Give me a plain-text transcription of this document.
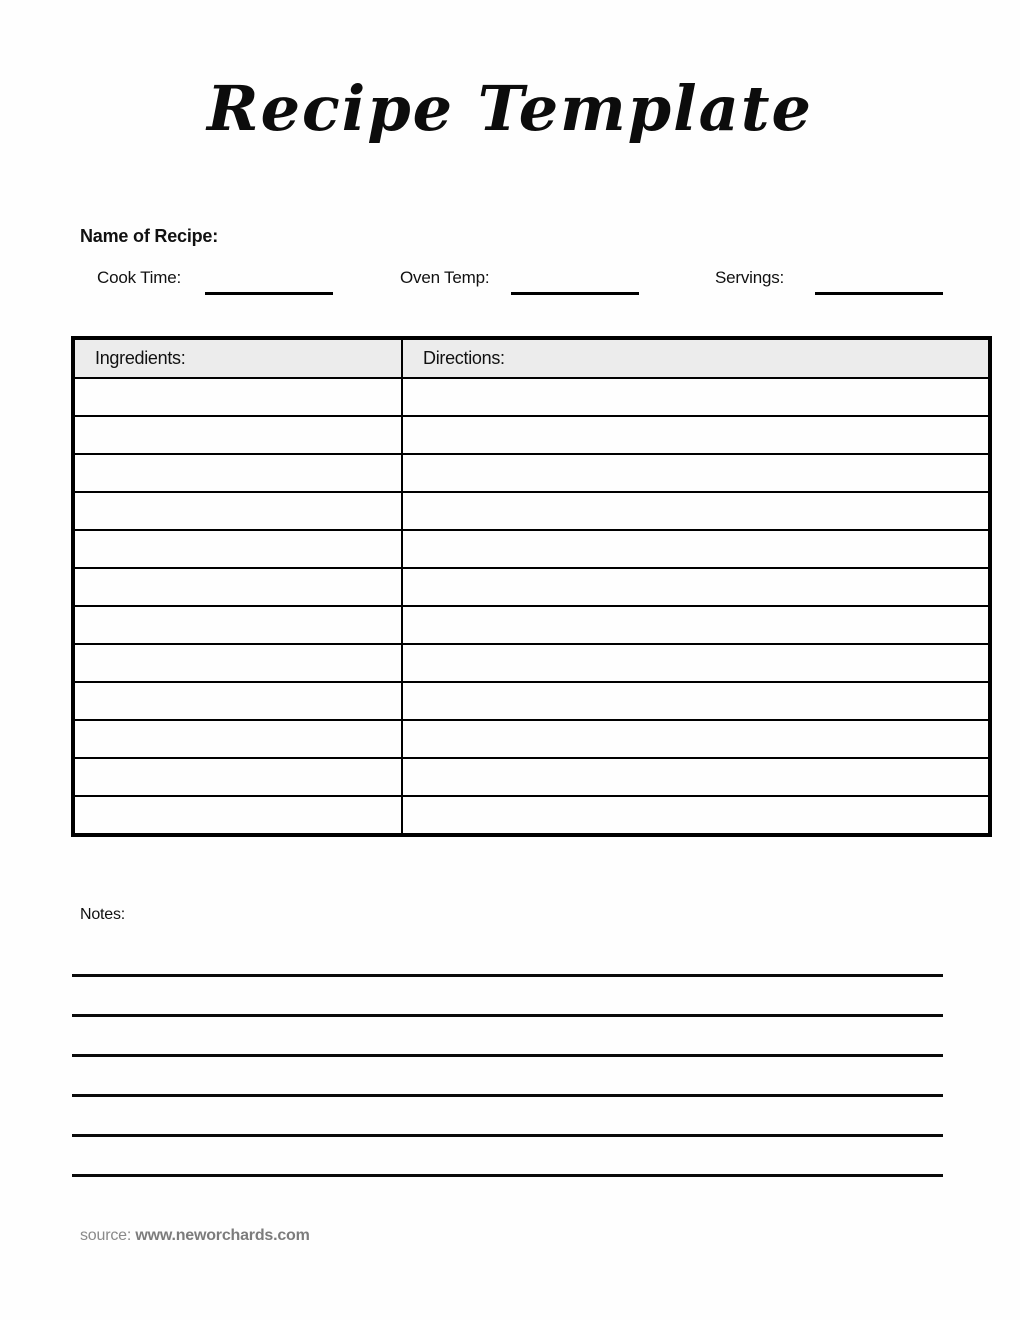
Recipe Template
Name of Recipe:
Cook Time:	Oven Temp:	Servings:
Ingredients:	Directions:

Notes:
source: www.neworchards.com
